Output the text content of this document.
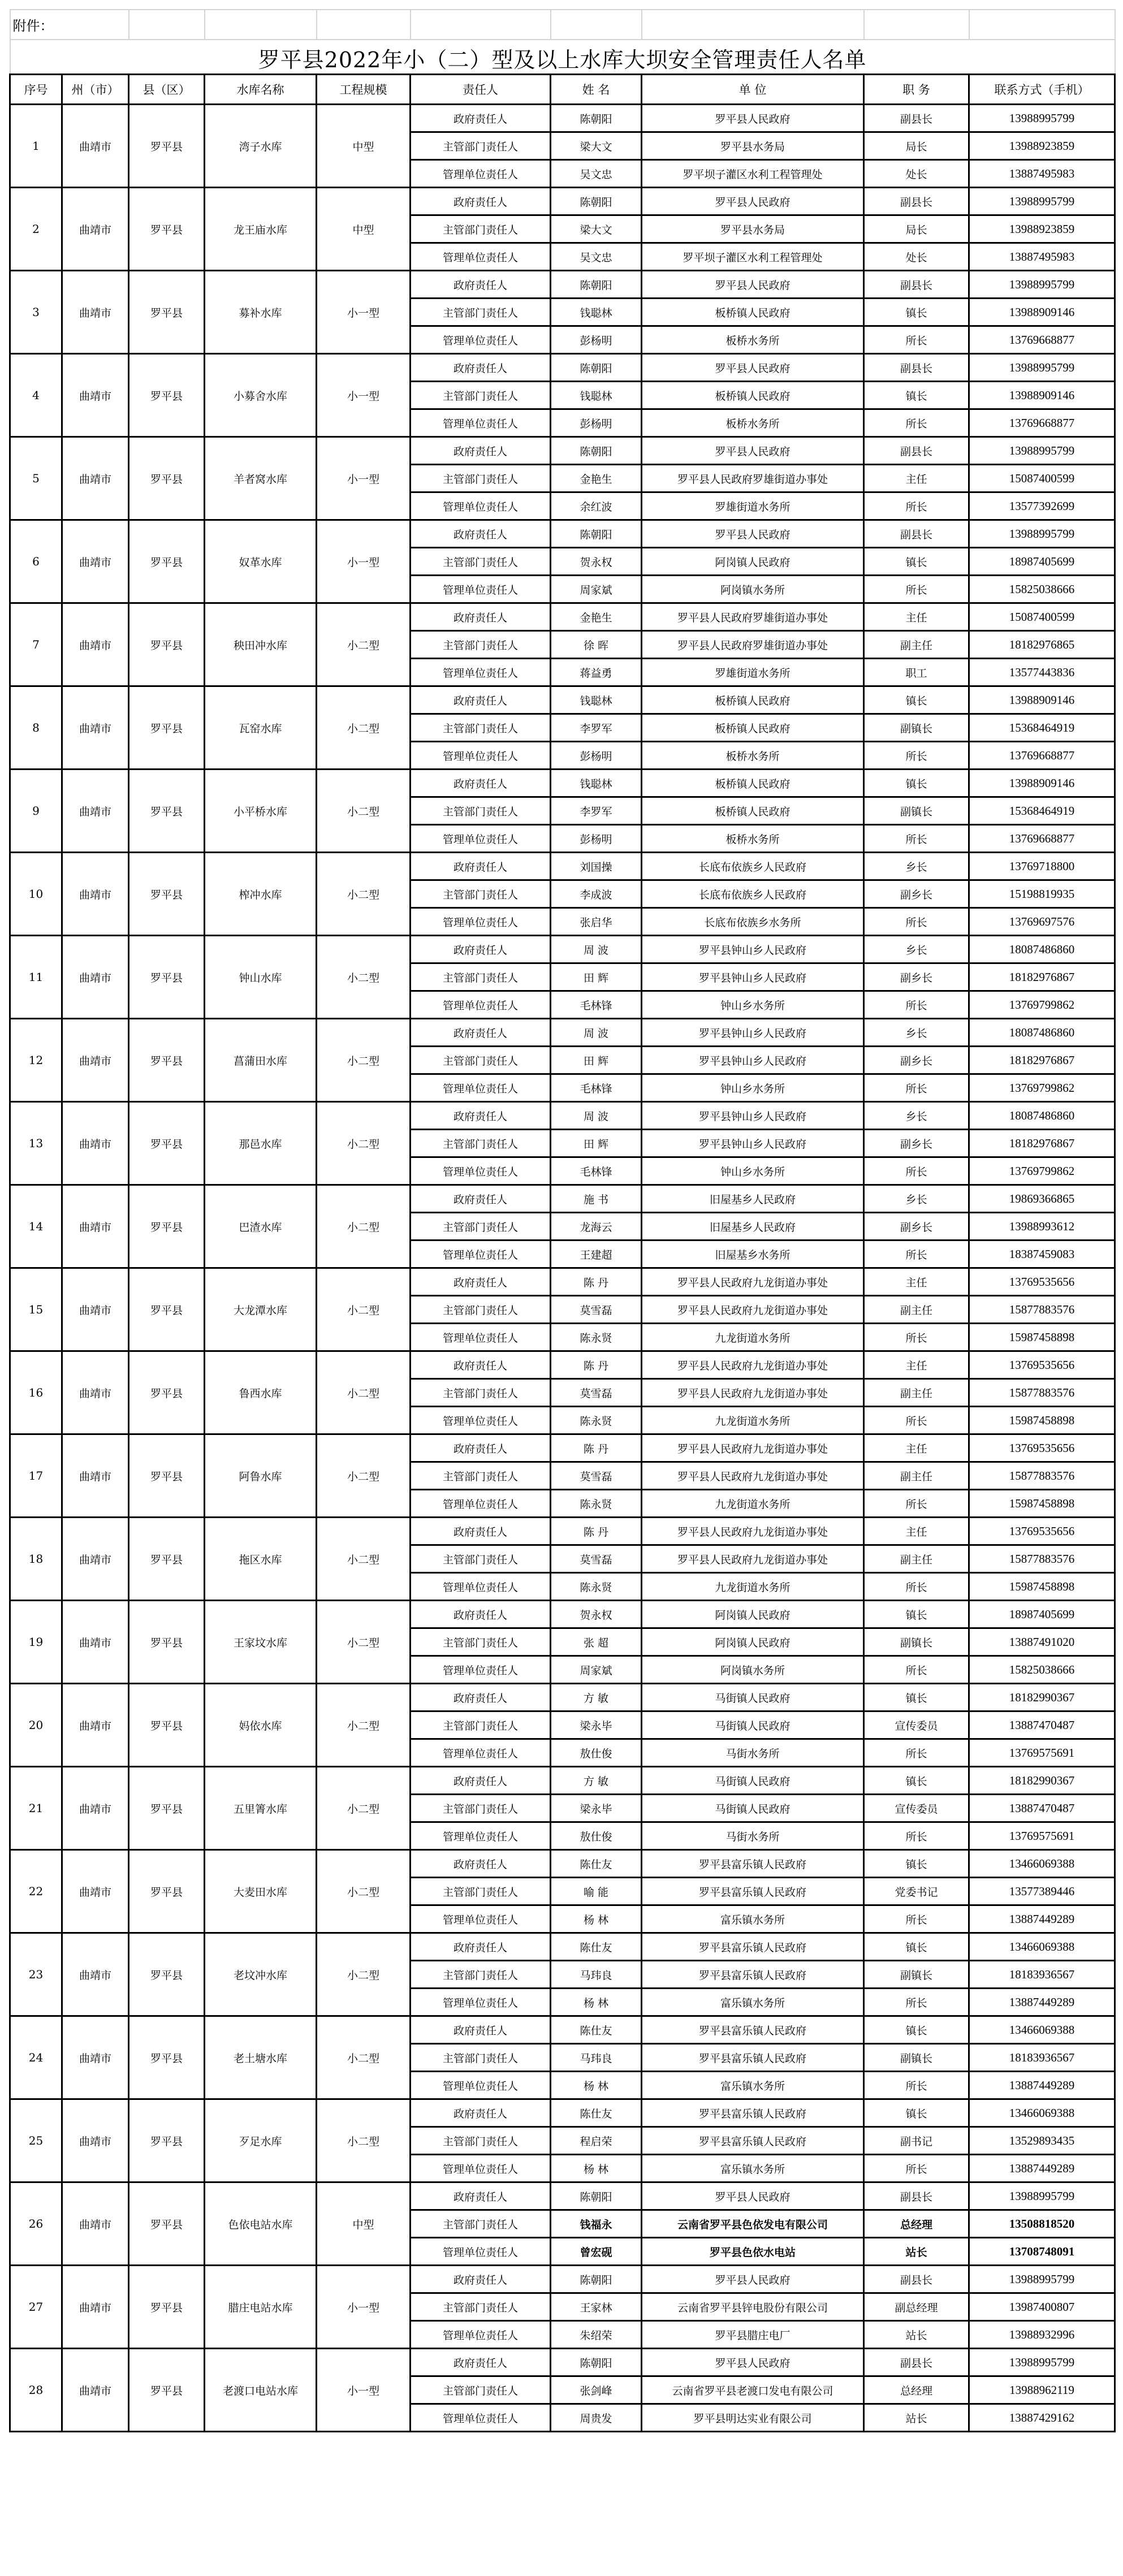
附件：									
罗平县2022年小（二）型及以上水库大坝安全管理责任人名单									
序号	州（市）	县（区）	水库名称	工程规模	责任人	姓 名	单 位	职 务	联系方式（手机）
1	曲靖市	罗平县	湾子水库	中型	政府责任人	陈朝阳	罗平县人民政府	副县长	13988995799
					主管部门责任人	梁大文	罗平县水务局	局长	13988923859
					管理单位责任人	吴文忠	罗平坝子灌区水利工程管理处	处长	13887495983
2	曲靖市	罗平县	龙王庙水库	中型	政府责任人	陈朝阳	罗平县人民政府	副县长	13988995799
					主管部门责任人	梁大文	罗平县水务局	局长	13988923859
					管理单位责任人	吴文忠	罗平坝子灌区水利工程管理处	处长	13887495983
3	曲靖市	罗平县	募补水库	小一型	政府责任人	陈朝阳	罗平县人民政府	副县长	13988995799
					主管部门责任人	钱聪林	板桥镇人民政府	镇长	13988909146
					管理单位责任人	彭杨明	板桥水务所	所长	13769668877
4	曲靖市	罗平县	小募舍水库	小一型	政府责任人	陈朝阳	罗平县人民政府	副县长	13988995799
					主管部门责任人	钱聪林	板桥镇人民政府	镇长	13988909146
					管理单位责任人	彭杨明	板桥水务所	所长	13769668877
5	曲靖市	罗平县	羊者窝水库	小一型	政府责任人	陈朝阳	罗平县人民政府	副县长	13988995799
					主管部门责任人	金艳生	罗平县人民政府罗雄街道办事处	主任	15087400599
					管理单位责任人	余红波	罗雄街道水务所	所长	13577392699
6	曲靖市	罗平县	奴革水库	小一型	政府责任人	陈朝阳	罗平县人民政府	副县长	13988995799
					主管部门责任人	贺永权	阿岗镇人民政府	镇长	18987405699
					管理单位责任人	周家斌	阿岗镇水务所	所长	15825038666
7	曲靖市	罗平县	秧田冲水库	小二型	政府责任人	金艳生	罗平县人民政府罗雄街道办事处	主任	15087400599
					主管部门责任人	徐 晖	罗平县人民政府罗雄街道办事处	副主任	18182976865
					管理单位责任人	蒋益勇	罗雄街道水务所	职工	13577443836
8	曲靖市	罗平县	瓦窑水库	小二型	政府责任人	钱聪林	板桥镇人民政府	镇长	13988909146
					主管部门责任人	李罗军	板桥镇人民政府	副镇长	15368464919
					管理单位责任人	彭杨明	板桥水务所	所长	13769668877
9	曲靖市	罗平县	小平桥水库	小二型	政府责任人	钱聪林	板桥镇人民政府	镇长	13988909146
					主管部门责任人	李罗军	板桥镇人民政府	副镇长	15368464919
					管理单位责任人	彭杨明	板桥水务所	所长	13769668877
10	曲靖市	罗平县	榨冲水库	小二型	政府责任人	刘国操	长底布依族乡人民政府	乡长	13769718800
					主管部门责任人	李成波	长底布依族乡人民政府	副乡长	15198819935
					管理单位责任人	张启华	长底布依族乡水务所	所长	13769697576
11	曲靖市	罗平县	钟山水库	小二型	政府责任人	周 波	罗平县钟山乡人民政府	乡长	18087486860
					主管部门责任人	田 辉	罗平县钟山乡人民政府	副乡长	18182976867
					管理单位责任人	毛林锋	钟山乡水务所	所长	13769799862
12	曲靖市	罗平县	菖蒲田水库	小二型	政府责任人	周 波	罗平县钟山乡人民政府	乡长	18087486860
					主管部门责任人	田 辉	罗平县钟山乡人民政府	副乡长	18182976867
					管理单位责任人	毛林锋	钟山乡水务所	所长	13769799862
13	曲靖市	罗平县	那邑水库	小二型	政府责任人	周 波	罗平县钟山乡人民政府	乡长	18087486860
					主管部门责任人	田 辉	罗平县钟山乡人民政府	副乡长	18182976867
					管理单位责任人	毛林锋	钟山乡水务所	所长	13769799862
14	曲靖市	罗平县	巴渣水库	小二型	政府责任人	施 书	旧屋基乡人民政府	乡长	19869366865
					主管部门责任人	龙海云	旧屋基乡人民政府	副乡长	13988993612
					管理单位责任人	王建超	旧屋基乡水务所	所长	18387459083
15	曲靖市	罗平县	大龙潭水库	小二型	政府责任人	陈 丹	罗平县人民政府九龙街道办事处	主任	13769535656
					主管部门责任人	莫雪磊	罗平县人民政府九龙街道办事处	副主任	15877883576
					管理单位责任人	陈永贤	九龙街道水务所	所长	15987458898
16	曲靖市	罗平县	鲁西水库	小二型	政府责任人	陈 丹	罗平县人民政府九龙街道办事处	主任	13769535656
					主管部门责任人	莫雪磊	罗平县人民政府九龙街道办事处	副主任	15877883576
					管理单位责任人	陈永贤	九龙街道水务所	所长	15987458898
17	曲靖市	罗平县	阿鲁水库	小二型	政府责任人	陈 丹	罗平县人民政府九龙街道办事处	主任	13769535656
					主管部门责任人	莫雪磊	罗平县人民政府九龙街道办事处	副主任	15877883576
					管理单位责任人	陈永贤	九龙街道水务所	所长	15987458898
18	曲靖市	罗平县	拖区水库	小二型	政府责任人	陈 丹	罗平县人民政府九龙街道办事处	主任	13769535656
					主管部门责任人	莫雪磊	罗平县人民政府九龙街道办事处	副主任	15877883576
					管理单位责任人	陈永贤	九龙街道水务所	所长	15987458898
19	曲靖市	罗平县	王家坟水库	小二型	政府责任人	贺永权	阿岗镇人民政府	镇长	18987405699
					主管部门责任人	张 超	阿岗镇人民政府	副镇长	13887491020
					管理单位责任人	周家斌	阿岗镇水务所	所长	15825038666
20	曲靖市	罗平县	妈依水库	小二型	政府责任人	方 敏	马街镇人民政府	镇长	18182990367
					主管部门责任人	梁永毕	马街镇人民政府	宣传委员	13887470487
					管理单位责任人	敖仕俊	马街水务所	所长	13769575691
21	曲靖市	罗平县	五里箐水库	小二型	政府责任人	方 敏	马街镇人民政府	镇长	18182990367
					主管部门责任人	梁永毕	马街镇人民政府	宣传委员	13887470487
					管理单位责任人	敖仕俊	马街水务所	所长	13769575691
22	曲靖市	罗平县	大麦田水库	小二型	政府责任人	陈仕友	罗平县富乐镇人民政府	镇长	13466069388
					主管部门责任人	喻 能	罗平县富乐镇人民政府	党委书记	13577389446
					管理单位责任人	杨 林	富乐镇水务所	所长	13887449289
23	曲靖市	罗平县	老坟冲水库	小二型	政府责任人	陈仕友	罗平县富乐镇人民政府	镇长	13466069388
					主管部门责任人	马玮良	罗平县富乐镇人民政府	副镇长	18183936567
					管理单位责任人	杨 林	富乐镇水务所	所长	13887449289
24	曲靖市	罗平县	老土塘水库	小二型	政府责任人	陈仕友	罗平县富乐镇人民政府	镇长	13466069388
					主管部门责任人	马玮良	罗平县富乐镇人民政府	副镇长	18183936567
					管理单位责任人	杨 林	富乐镇水务所	所长	13887449289
25	曲靖市	罗平县	歹足水库	小二型	政府责任人	陈仕友	罗平县富乐镇人民政府	镇长	13466069388
					主管部门责任人	程启荣	罗平县富乐镇人民政府	副书记	13529893435
					管理单位责任人	杨 林	富乐镇水务所	所长	13887449289
26	曲靖市	罗平县	色依电站水库	中型	政府责任人	陈朝阳	罗平县人民政府	副县长	13988995799
					主管部门责任人	钱福永	云南省罗平县色依发电有限公司	总经理	13508818520
					管理单位责任人	曾宏砚	罗平县色依水电站	站长	13708748091
27	曲靖市	罗平县	腊庄电站水库	小一型	政府责任人	陈朝阳	罗平县人民政府	副县长	13988995799
					主管部门责任人	王家林	云南省罗平县锌电股份有限公司	副总经理	13987400807
					管理单位责任人	朱绍荣	罗平县腊庄电厂	站长	13988932996
28	曲靖市	罗平县	老渡口电站水库	小一型	政府责任人	陈朝阳	罗平县人民政府	副县长	13988995799
					主管部门责任人	张剑峰	云南省罗平县老渡口发电有限公司	总经理	13988962119
					管理单位责任人	周贵发	罗平县明达实业有限公司	站长	13887429162
